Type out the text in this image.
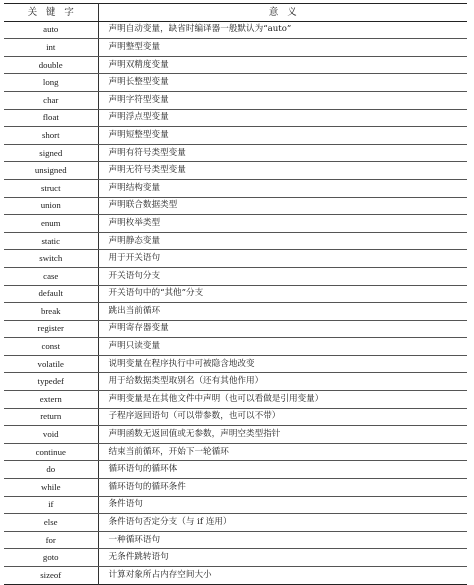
关 键 字	意 义
auto	声明自动变量，缺省时编译器一般默认为“auto”
int	声明整型变量
double	声明双精度变量
long	声明长整型变量
char	声明字符型变量
float	声明浮点型变量
short	声明短整型变量
signed	声明有符号类型变量
unsigned	声明无符号类型变量
struct	声明结构变量
union	声明联合数据类型
enum	声明枚举类型
static	声明静态变量
switch	用于开关语句
case	开关语句分支
default	开关语句中的“其他”分支
break	跳出当前循环
register	声明寄存器变量
const	声明只读变量
volatile	说明变量在程序执行中可被隐含地改变
typedef	用于给数据类型取别名（还有其他作用）
extern	声明变量是在其他文件中声明（也可以看做是引用变量）
return	子程序返回语句（可以带参数，也可以不带）
void	声明函数无返回值或无参数，声明空类型指针
continue	结束当前循环，开始下一轮循环
do	循环语句的循环体
while	循环语句的循环条件
if	条件语句
else	条件语句否定分支（与 if 连用）
for	一种循环语句
goto	无条件跳转语句
sizeof	计算对象所占内存空间大小
